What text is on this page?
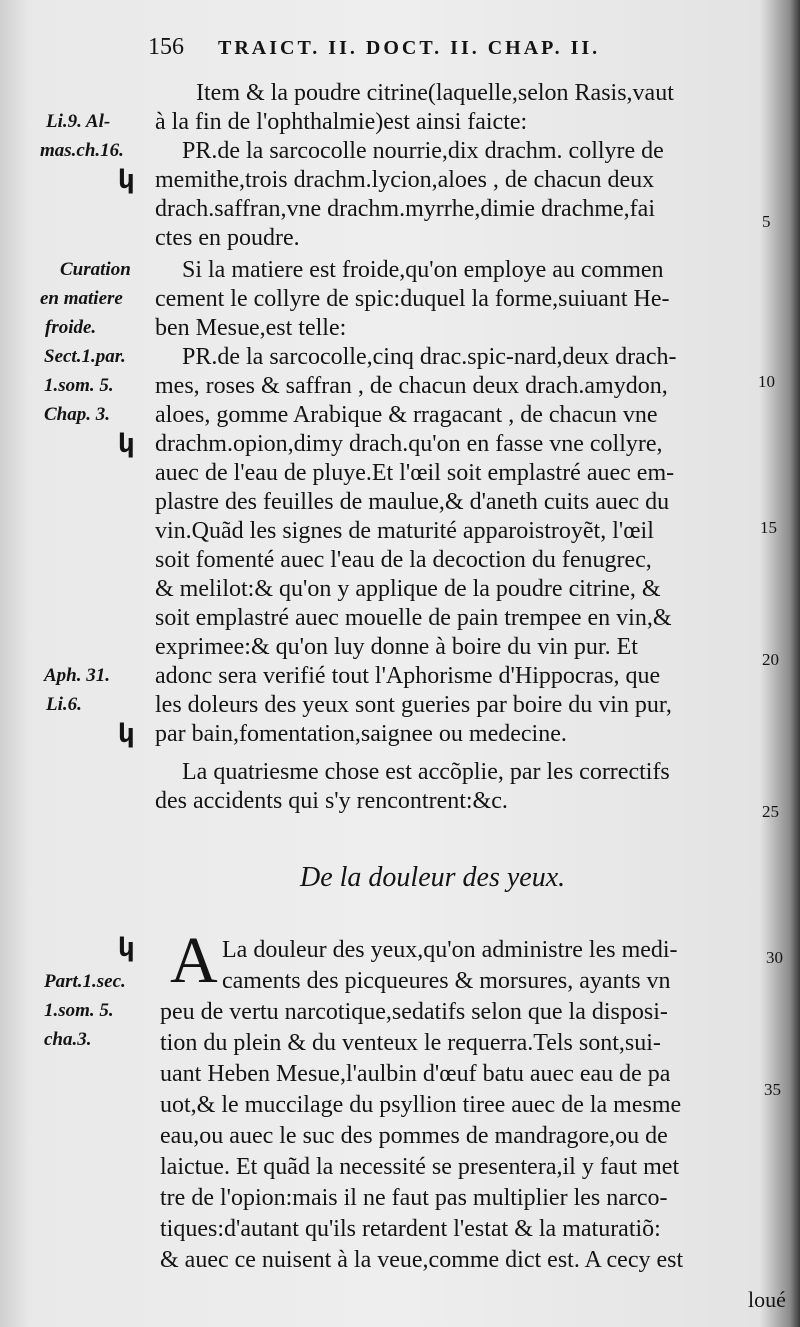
156 TRAICT. II. DOCT. II. CHAP. II.
Item & la poudre citrine(laquelle,selon Rasis,vaut
à la fin de l'ophthalmie)est ainsi faicte:
PR.de la sarcocolle nourrie,dix drachm. collyre de
memithe,trois drachm.lycion,aloes , de chacun deux
drach.saffran,vne drachm.myrrhe,dimie drachme,fai
ctes en poudre.
Si la matiere est froide,qu'on employe au commen
cement le collyre de spic:duquel la forme,suiuant He-
ben Mesue,est telle:
PR.de la sarcocolle,cinq drac.spic-nard,deux drach-
mes, roses & saffran , de chacun deux drach.amydon,
aloes, gomme Arabique & rragacant , de chacun vne
drachm.opion,dimy drach.qu'on en fasse vne collyre,
auec de l'eau de pluye.Et l'œil soit emplastré auec em-
plastre des feuilles de maulue,& d'aneth cuits auec du
vin.Quãd les signes de maturité apparoistroyẽt, l'œil
soit fomenté auec l'eau de la decoction du fenugrec,
& melilot:& qu'on y applique de la poudre citrine, &
soit emplastré auec mouelle de pain trempee en vin,&
exprimee:& qu'on luy donne à boire du vin pur. Et
adonc sera verifié tout l'Aphorisme d'Hippocras, que
les doleurs des yeux sont gueries par boire du vin pur,
par bain,fomentation,saignee ou medecine.
La quatriesme chose est accõplie, par les correctifs
des accidents qui s'y rencontrent:&c.
կ
կ
կ
կ
Li.9. Al-
mas.ch.16.
Curation
en matiere
froide.
Sect.1.par.
1.som. 5.
Chap. 3.
Aph. 31.
Li.6.
Part.1.sec.
1.som. 5.
cha.3.
5
10
15
20
25
30
35
De la douleur des yeux.
A La douleur des yeux,qu'on administre les medi-
caments des picqueures & morsures, ayants vn
peu de vertu narcotique,sedatifs selon que la disposi-
tion du plein & du venteux le requerra.Tels sont,sui-
uant Heben Mesue,l'aulbin d'œuf batu auec eau de pa
uot,& le muccilage du psyllion tiree auec de la mesme
eau,ou auec le suc des pommes de mandragore,ou de
laictue. Et quãd la necessité se presentera,il y faut met
tre de l'opion:mais il ne faut pas multiplier les narco-
tiques:d'autant qu'ils retardent l'estat & la maturatiõ:
& auec ce nuisent à la veue,comme dict est. A cecy est
loué
